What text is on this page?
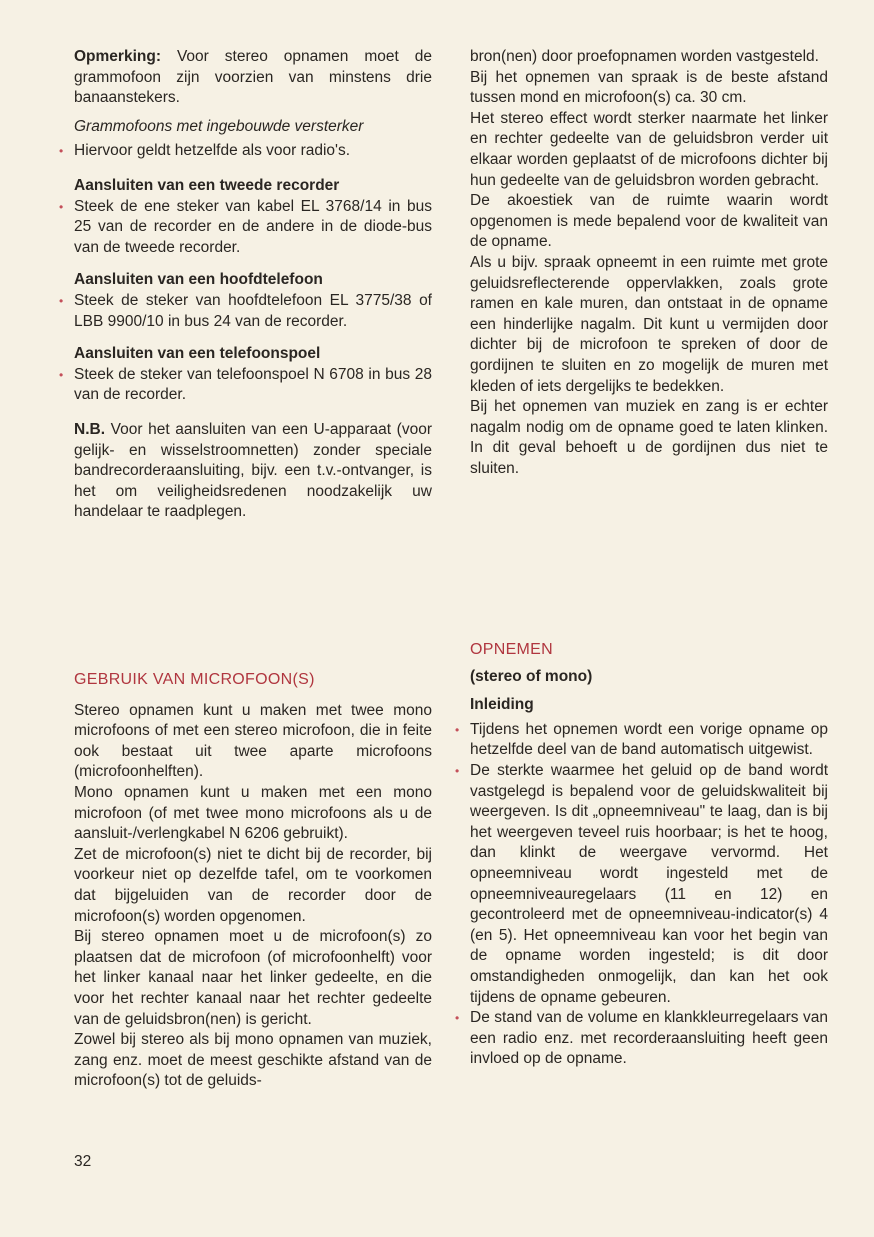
Opmerking: Voor stereo opnamen moet de grammofoon zijn voorzien van minstens drie banaanstekers.

Grammofoons met ingebouwde versterker

• Hiervoor geldt hetzelfde als voor radio's.

Aansluiten van een tweede recorder

• Steek de ene steker van kabel EL 3768/14 in bus 25 van de recorder en de andere in de diode-bus van de tweede recorder.

Aansluiten van een hoofdtelefoon

• Steek de steker van hoofdtelefoon EL 3775/38 of LBB 9900/10 in bus 24 van de recorder.

Aansluiten van een telefoonspoel

• Steek de steker van telefoonspoel N 6708 in bus 28 van de recorder.

N.B. Voor het aansluiten van een U-apparaat (voor gelijk- en wisselstroomnetten) zonder speciale bandrecorderaansluiting, bijv. een t.v.-ontvanger, is het om veiligheidsredenen noodzakelijk uw handelaar te raadplegen.

GEBRUIK VAN MICROFOON(S)

Stereo opnamen kunt u maken met twee mono microfoons of met een stereo microfoon, die in feite ook bestaat uit twee aparte microfoons (microfoonhelften).

Mono opnamen kunt u maken met een mono microfoon (of met twee mono microfoons als u de aansluit-/verlengkabel N 6206 gebruikt).

Zet de microfoon(s) niet te dicht bij de recorder, bij voorkeur niet op dezelfde tafel, om te voorkomen dat bijgeluiden van de recorder door de microfoon(s) worden opgenomen.

Bij stereo opnamen moet u de microfoon(s) zo plaatsen dat de microfoon (of microfoonhelft) voor het linker kanaal naar het linker gedeelte, en die voor het rechter kanaal naar het rechter gedeelte van de geluidsbron(nen) is gericht.

Zowel bij stereo als bij mono opnamen van muziek, zang enz. moet de meest geschikte afstand van de microfoon(s) tot de geluids-

bron(nen) door proefopnamen worden vastgesteld.

Bij het opnemen van spraak is de beste afstand tussen mond en microfoon(s) ca. 30 cm.

Het stereo effect wordt sterker naarmate het linker en rechter gedeelte van de geluidsbron verder uit elkaar worden geplaatst of de microfoons dichter bij hun gedeelte van de geluidsbron worden gebracht.

De akoestiek van de ruimte waarin wordt opgenomen is mede bepalend voor de kwaliteit van de opname.

Als u bijv. spraak opneemt in een ruimte met grote geluidsreflecterende oppervlakken, zoals grote ramen en kale muren, dan ontstaat in de opname een hinderlijke nagalm. Dit kunt u vermijden door dichter bij de microfoon te spreken of door de gordijnen te sluiten en zo mogelijk de muren met kleden of iets dergelijks te bedekken.

Bij het opnemen van muziek en zang is er echter nagalm nodig om de opname goed te laten klinken. In dit geval behoeft u de gordijnen dus niet te sluiten.

OPNEMEN

(stereo of mono)

Inleiding

• Tijdens het opnemen wordt een vorige opname op hetzelfde deel van de band automatisch uitgewist.

• De sterkte waarmee het geluid op de band wordt vastgelegd is bepalend voor de geluidskwaliteit bij weergeven. Is dit „opneemniveau" te laag, dan is bij het weergeven teveel ruis hoorbaar; is het te hoog, dan klinkt de weergave vervormd. Het opneemniveau wordt ingesteld met de opneemniveauregelaars (11 en 12) en gecontroleerd met de opneemniveau-indicator(s) 4 (en 5). Het opneemniveau kan voor het begin van de opname worden ingesteld; is dit door omstandigheden onmogelijk, dan kan het ook tijdens de opname gebeuren.

• De stand van de volume en klankkleurregelaars van een radio enz. met recorderaansluiting heeft geen invloed op de opname.

32
